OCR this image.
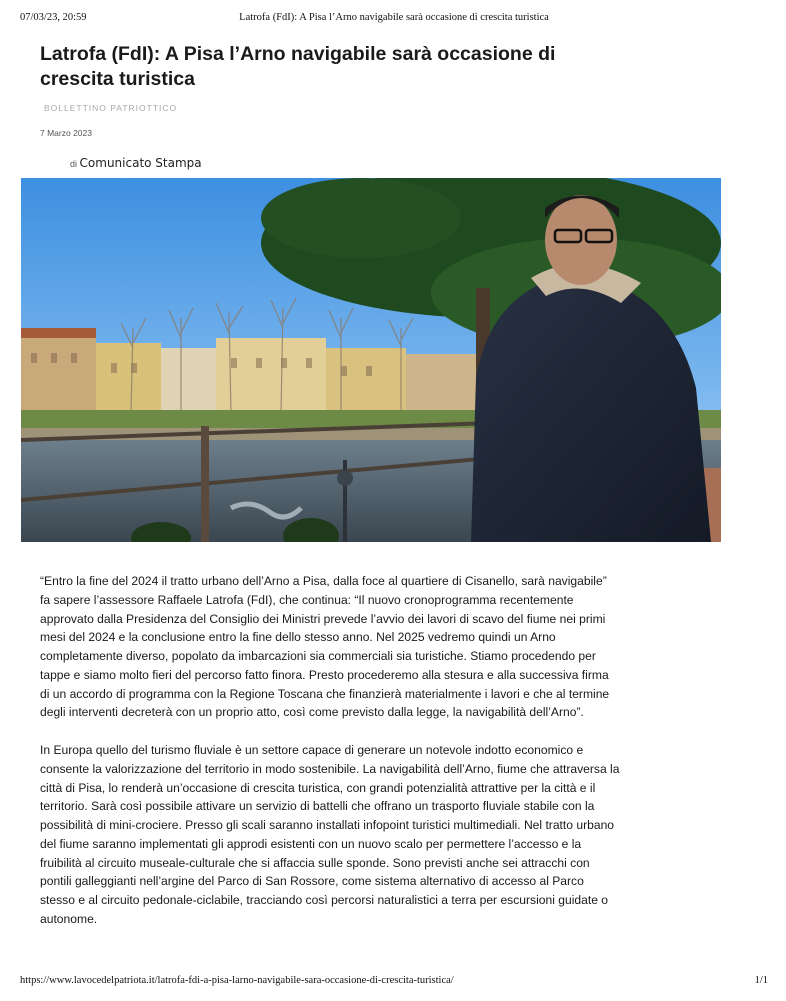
07/03/23, 20:59	Latrofa (FdI): A Pisa l’Arno navigabile sarà occasione di crescita turistica
Latrofa (FdI): A Pisa l’Arno navigabile sarà occasione di crescita turistica
BOLLETTINO PATRIOTTICO
7 Marzo 2023
di Comunicato Stampa

“Entro la fine del 2024 il tratto urbano dell’Arno a Pisa, dalla foce al quartiere di Cisanello, sarà navigabile” fa sapere l’assessore Raffaele Latrofa (FdI), che continua: “Il nuovo cronoprogramma recentemente approvato dalla Presidenza del Consiglio dei Ministri prevede l’avvio dei lavori di scavo del fiume nei primi mesi del 2024 e la conclusione entro la fine dello stesso anno. Nel 2025 vedremo quindi un Arno completamente diverso, popolato da imbarcazioni sia commerciali sia turistiche. Stiamo procedendo per tappe e siamo molto fieri del percorso fatto finora. Presto procederemo alla stesura e alla successiva firma di un accordo di programma con la Regione Toscana che finanzierà materialmente i lavori e che al termine degli interventi decreterà con un proprio atto, così come previsto dalla legge, la navigabilità dell’Arno”.

In Europa quello del turismo fluviale è un settore capace di generare un notevole indotto economico e consente la valorizzazione del territorio in modo sostenibile. La navigabilità dell’Arno, fiume che attraversa la città di Pisa, lo renderà un’occasione di crescita turistica, con grandi potenzialità attrattive per la città e il territorio. Sarà così possibile attivare un servizio di battelli che offrano un trasporto fluviale stabile con la possibilità di mini-crociere. Presso gli scali saranno installati infopoint turistici multimediali. Nel tratto urbano del fiume saranno implementati gli approdi esistenti con un nuovo scalo per permettere l’accesso e la fruibilità al circuito museale-culturale che si affaccia sulle sponde. Sono previsti anche sei attracchi con pontili galleggianti nell’argine del Parco di San Rossore, come sistema alternativo di accesso al Parco stesso e al circuito pedonale-ciclabile, tracciando così percorsi naturalistici a terra per escursioni guidate o autonome.

https://www.lavocedelpatriota.it/latrofa-fdi-a-pisa-larno-navigabile-sara-occasione-di-crescita-turistica/	1/1
